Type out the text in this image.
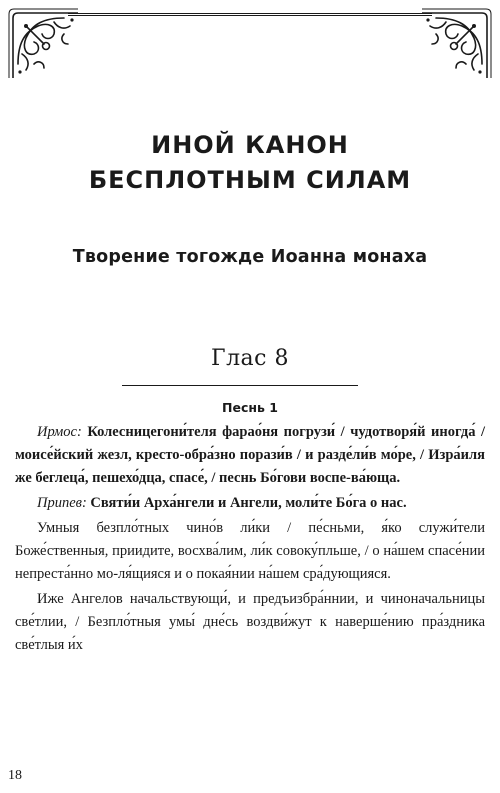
ИНОЙ КАНОН
БЕСПЛОТНЫМ СИЛАМ
Творение тогожде Иоанна монаха
Глас 8
Песнь 1

Ирмос: Колесницегони́теля фарао́ня погрузи́ / чудотворя́й иногда́ / моисе́йский жезл, кресто-обра́зно порази́в / и разде́ли́в мо́ре, / Изра́иля же беглеца́, пешехо́дца, спасе́, / песнь Бо́гови воспе-ва́юща.

Припев: Святи́и Арха́нгели и Ангели, моли́те Бо́га о нас.

Умныя безпло́тных чино́в ли́ки / пе́сньми, я́ко служи́тели Боже́ственныя, приидите, восхва́лим, ли́к совоку́пльше, / о на́шем спасе́нии непреста́нно мо-ля́щияся и о покая́нии на́шем сра́дующияся.

Иже Ангелов начальствующи́, и предъизбра́ннии, и чиноначальницы све́тлии, / Безпло́тныя умы́ дне́сь воздви́жут к наверше́нию пра́здника све́тлыя и́х

18
